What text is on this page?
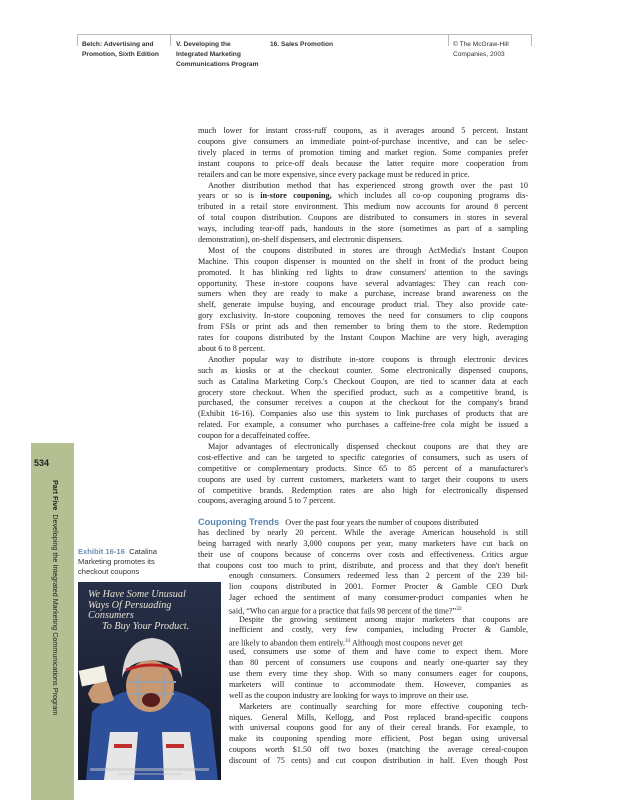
Belch: Advertising and
Promotion, Sixth Edition
V. Developing the
Integrated Marketing
Communications Program
16. Sales Promotion	© The McGraw-Hill
Companies, 2003
534
Part Five  Developing the Integrated Marketing Communications Program
much lower for instant cross-ruff coupons, as it averages around 5 percent. Instant
coupons give consumers an immediate point-of-purchase incentive, and can be selec-
tively placed in terms of promotion timing and market region. Some companies prefer
instant coupons to price-off deals because the latter require more cooperation from
retailers and can be more expensive, since every package must be reduced in price.
Another distribution method that has experienced strong growth over the past 10
years or so is in-store couponing, which includes all co-op couponing programs dis-
tributed in a retail store environment. This medium now accounts for around 8 percent
of total coupon distribution. Coupons are distributed to consumers in stores in several
ways, including tear-off pads, handouts in the store (sometimes as part of a sampling
demonstration), on-shelf dispensers, and electronic dispensers.
Most of the coupons distributed in stores are through ActMedia's Instant Coupon
Machine. This coupon dispenser is mounted on the shelf in front of the product being
promoted. It has blinking red lights to draw consumers' attention to the savings
opportunity. These in-store coupons have several advantages: They can reach con-
sumers when they are ready to make a purchase, increase brand awareness on the
shelf, generate impulse buying, and encourage product trial. They also provide cate-
gory exclusivity. In-store couponing removes the need for consumers to clip coupons
from FSIs or print ads and then remember to bring them to the store. Redemption
rates for coupons distributed by the Instant Coupon Machine are very high, averaging
about 6 to 8 percent.
Another popular way to distribute in-store coupons is through electronic devices
such as kiosks or at the checkout counter. Some electronically dispensed coupons,
such as Catalina Marketing Corp.'s Checkout Coupon, are tied to scanner data at each
grocery store checkout. When the specified product, such as a competitive brand, is
purchased, the consumer receives a coupon at the checkout for the company's brand
(Exhibit 16-16). Companies also use this system to link purchases of products that are
related. For example, a consumer who purchases a caffeine-free cola might be issued a
coupon for a decaffeinated coffee.
Major advantages of electronically dispensed checkout coupons are that they are
cost-effective and can be targeted to specific categories of consumers, such as users of
competitive or complementary products. Since 65 to 85 percent of a manufacturer's
coupons are used by current customers, marketers want to target their coupons to users
of competitive brands. Redemption rates are also high for electronically dispensed
coupons, averaging around 5 to 7 percent.
Couponing Trends Over the past four years the number of coupons distributed
has declined by nearly 20 percent. While the average American household is still
being barraged with nearly 3,000 coupons per year, many marketers have cut back on
their use of coupons because of concerns over costs and effectiveness. Critics argue
that coupons cost too much to print, distribute, and process and that they don't benefit
enough consumers. Consumers redeemed less than 2 percent of the 239 bil-
lion coupons distributed in 2001. Former Procter & Gamble CEO Durk
Jager echoed the sentiment of many consumer-product companies when he
said, “Who can argue for a practice that fails 98 percent of the time?”$^{32}$
Despite the growing sentiment among major marketers that coupons are
inefficient and costly, very few companies, including Procter & Gamble,
are likely to abandon them entirely.$^{33}$ Although most coupons never get
used, consumers use some of them and have come to expect them. More
than 80 percent of consumers use coupons and nearly one-quarter say they
use them every time they shop. With so many consumers eager for coupons,
marketers will continue to accommodate them. However, companies as
well as the coupon industry are looking for ways to improve on their use.
Marketers are continually searching for more effective couponing tech-
niques. General Mills, Kellogg, and Post replaced brand-specific coupons
with universal coupons good for any of their cereal brands. For example, to
make its couponing spending more efficient, Post began using universal
coupons worth $1.50 off two boxes (matching the average cereal-coupon
discount of 75 cents) and cut coupon distribution in half. Even though Post
Exhibit 16-16 Catalina
Marketing promotes its
checkout coupons
We Have Some Unusual
Ways Of Persuading Consumers
To Buy Your Product.
